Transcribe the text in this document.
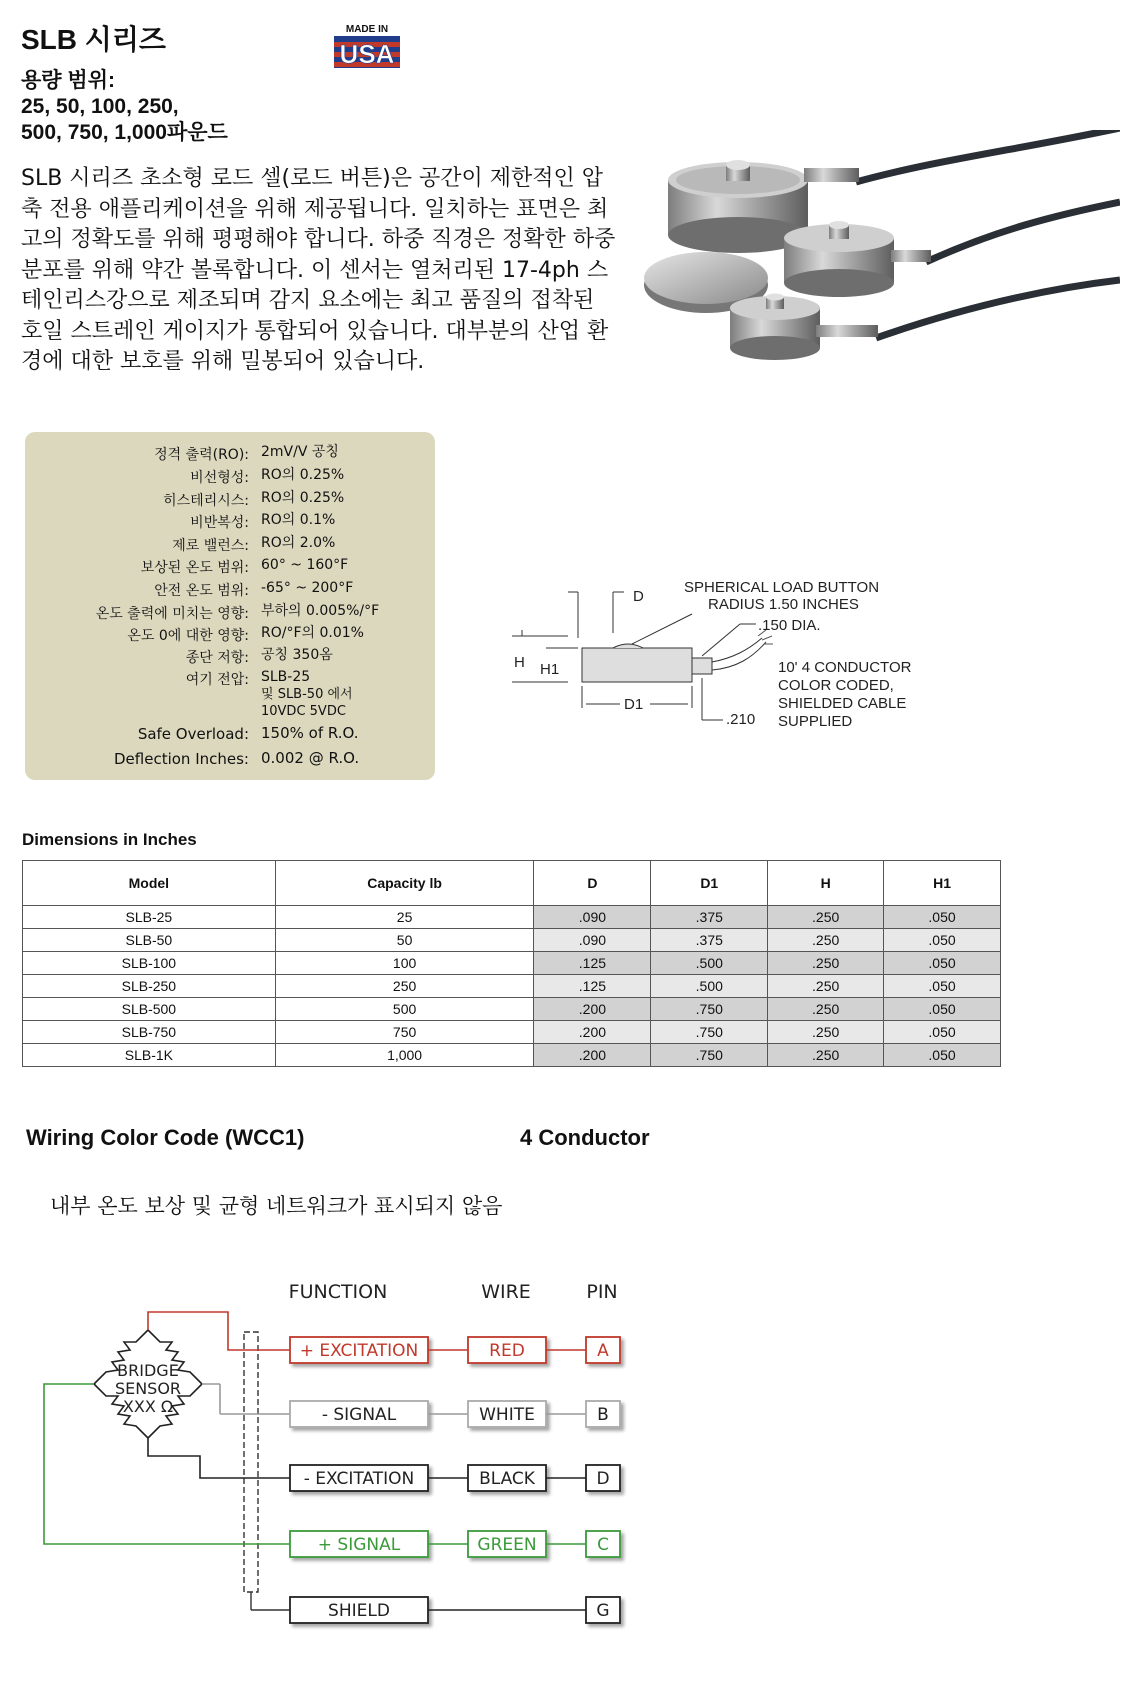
SLB 시리즈
용량 범위:
25, 50, 100, 250,
500, 750, 1,000파운드
MADE IN
USA

SLB 시리즈 초소형 로드 셀(로드 버튼)은 공간이 제한적인 압축 전용 애플리케이션을 위해 제공됩니다. 일치하는 표면은 최고의 정확도를 위해 평평해야 합니다. 하중 직경은 정확한 하중 분포를 위해 약간 볼록합니다. 이 센서는 열처리된 17-4ph 스테인리스강으로 제조되며 감지 요소에는 최고 품질의 접착된 호일 스트레인 게이지가 통합되어 있습니다. 대부분의 산업 환경에 대한 보호를 위해 밀봉되어 있습니다.

정격 출력(RO): 2mV/V 공칭
비선형성: RO의 0.25%
히스테리시스: RO의 0.25%
비반복성: RO의 0.1%
제로 밸런스: RO의 2.0%
보상된 온도 범위: 60° ~ 160°F
안전 온도 범위: -65° ~ 200°F
온도 출력에 미치는 영향: 부하의 0.005%/°F
온도 0에 대한 영향: RO/°F의 0.01%
종단 저항: 공칭 350옴
여기 전압: SLB-25
및 SLB-50 에서
10VDC 5VDC
Safe Overload: 150% of R.O.
Deflection Inches: 0.002 @ R.O.
D
H H1
D1
.210
SPHERICAL LOAD BUTTON
RADIUS 1.50 INCHES
.150 DIA.
10' 4 CONDUCTOR
COLOR CODED,
SHIELDED CABLE
SUPPLIED
Dimensions in Inches
Model	Capacity lb	D	D1	H	H1
SLB-25	25	.090	.375	.250	.050
SLB-50	50	.090	.375	.250	.050
SLB-100	100	.125	.500	.250	.050
SLB-250	250	.125	.500	.250	.050
SLB-500	500	.200	.750	.250	.050
SLB-750	750	.200	.750	.250	.050
SLB-1K	1,000	.200	.750	.250	.050
Wiring Color Code (WCC1)	4 Conductor

내부 온도 보상 및 균형 네트워크가 표시되지 않음

FUNCTION	WIRE	PIN
BRIDGE
SENSOR
XXX Ω
+ EXCITATION	RED	A
- SIGNAL	WHITE	B
- EXCITATION	BLACK	D
+ SIGNAL	GREEN	C
SHIELD	G
